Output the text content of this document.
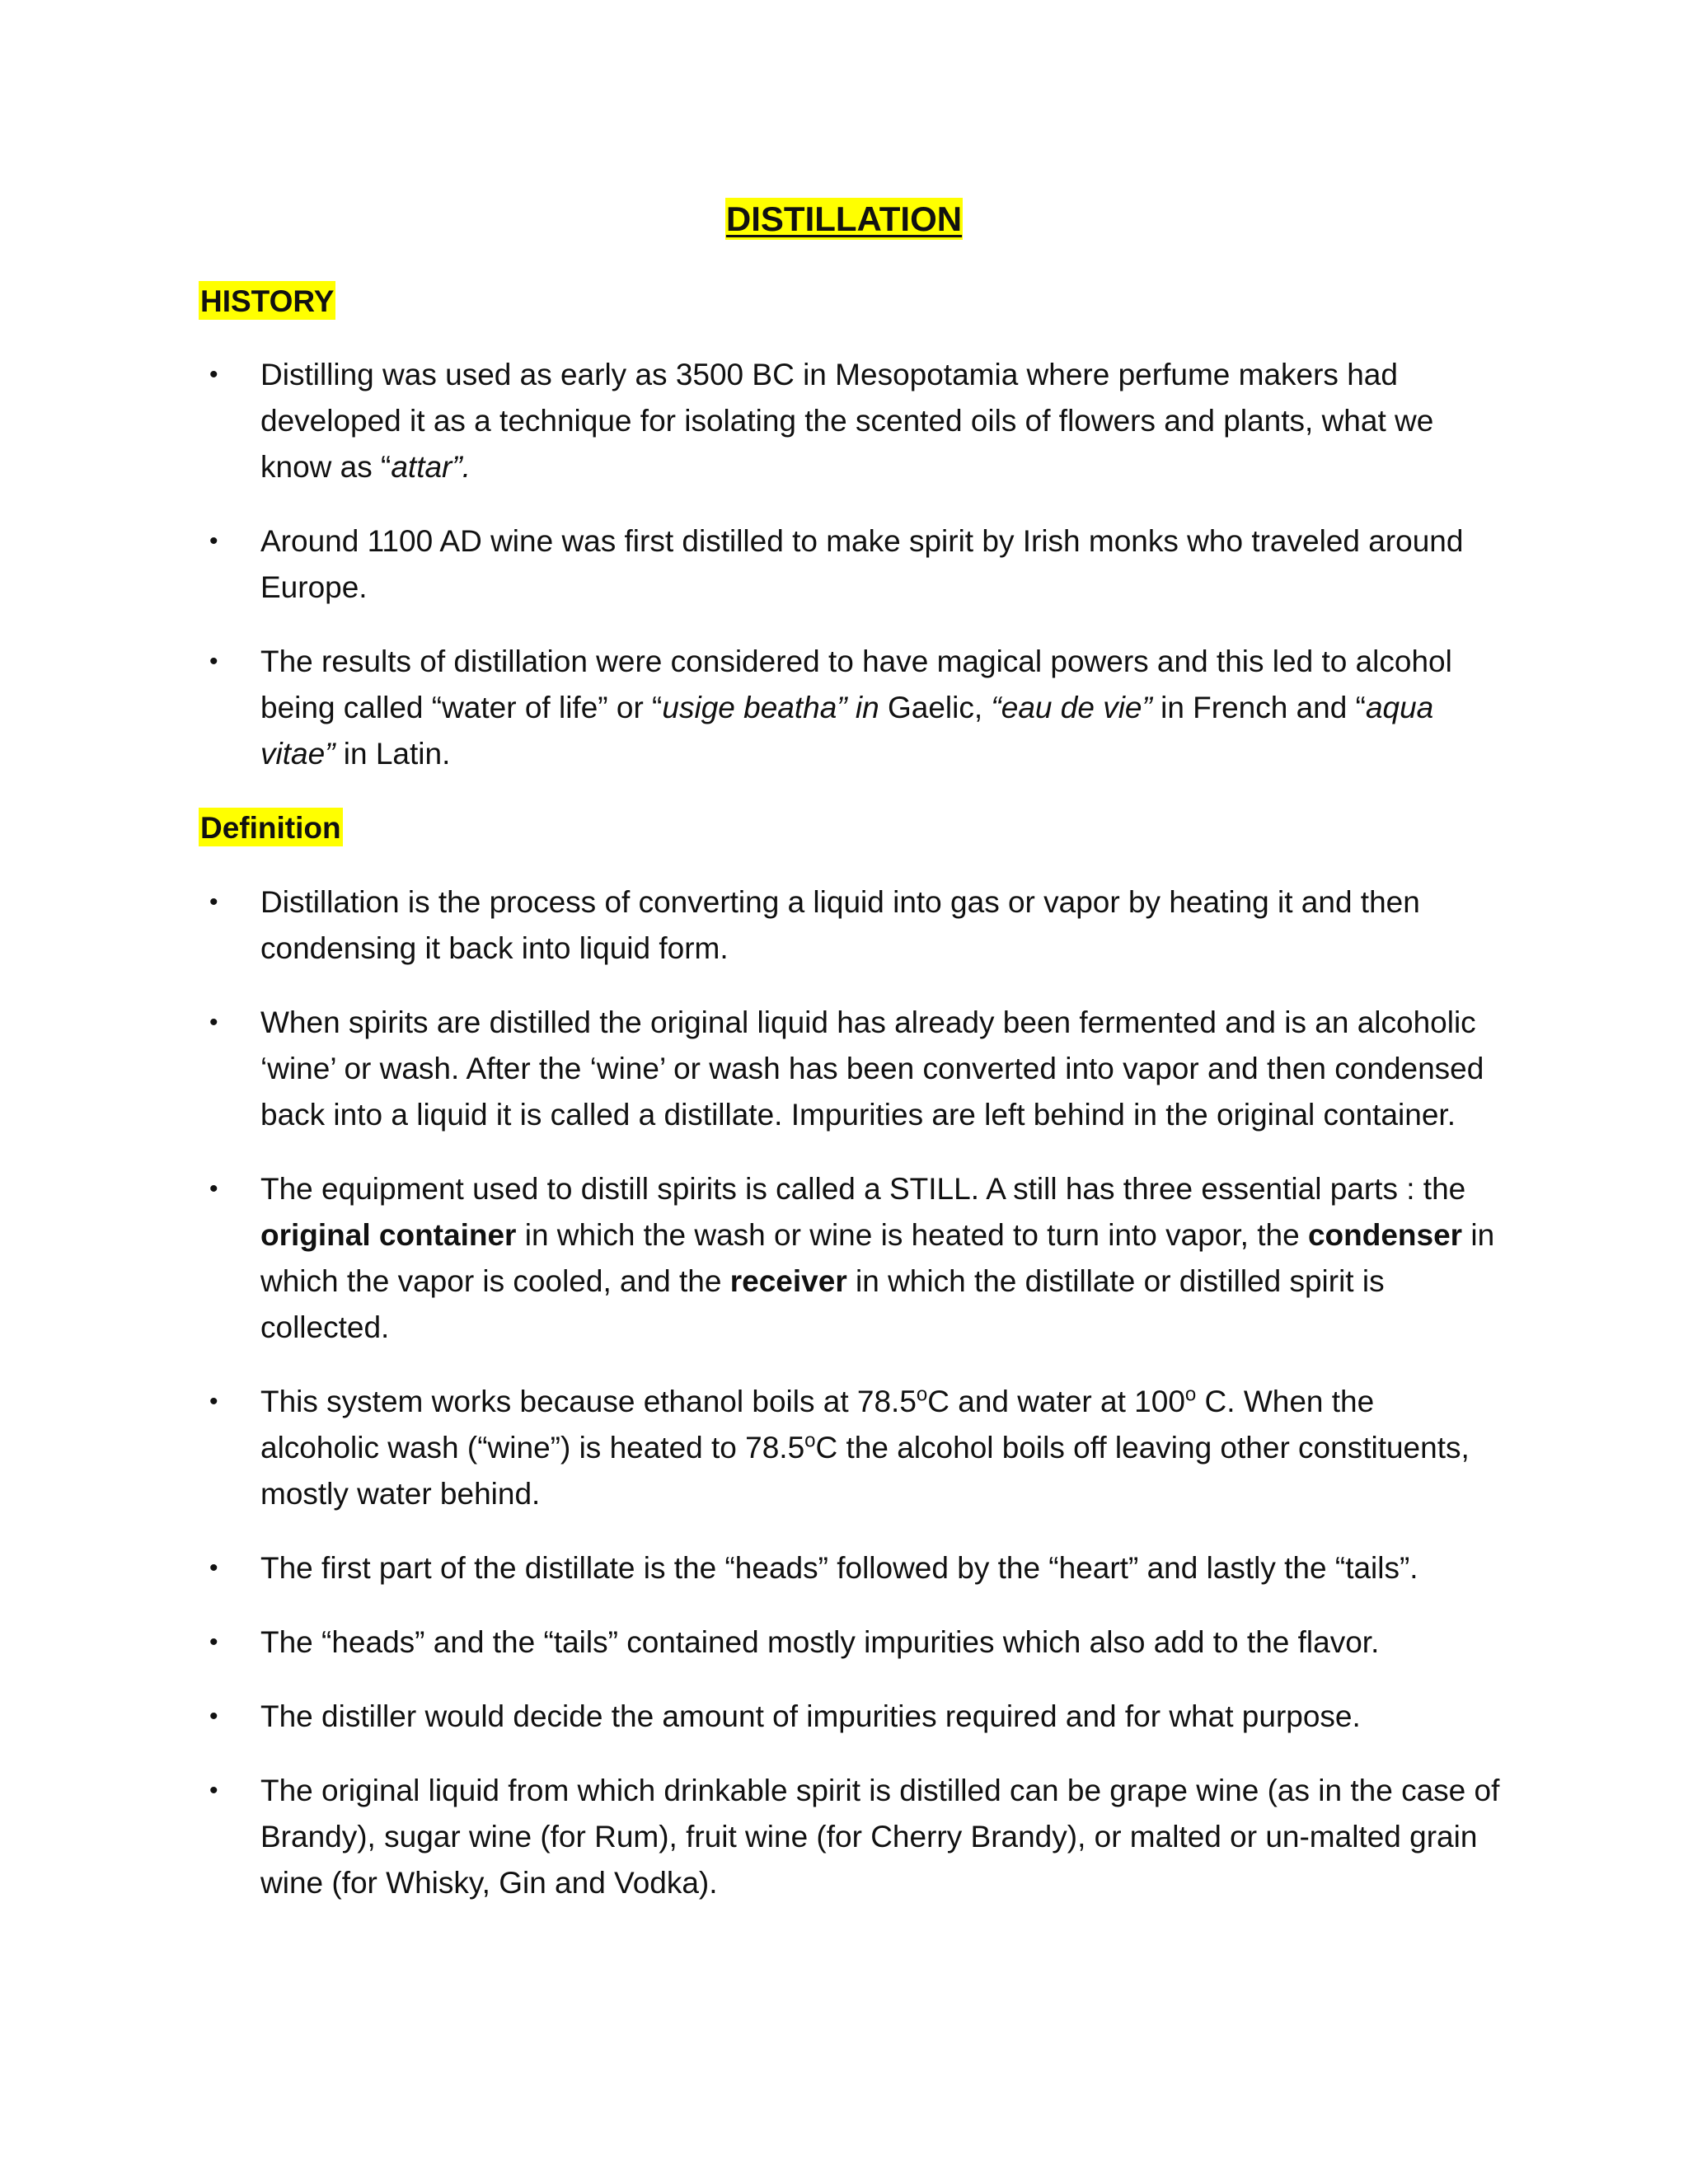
DISTILLATION
HISTORY
• Distilling was used as early as 3500 BC in Mesopotamia where perfume makers had developed it as a technique for isolating the scented oils of flowers and plants, what we know as “attar”.
• Around 1100 AD wine was first distilled to make spirit by Irish monks who traveled around Europe.
• The results of distillation were considered to have magical powers and this led to alcohol being called “water of life” or “usige beatha” in Gaelic, “eau de vie” in French and “aqua vitae” in Latin.
Definition
• Distillation is the process of converting a liquid into gas or vapor by heating it and then condensing it back into liquid form.
• When spirits are distilled the original liquid has already been fermented and is an alcoholic ‘wine’ or wash. After the ‘wine’ or wash has been converted into vapor and then condensed back into a liquid it is called a distillate. Impurities are left behind in the original container.
• The equipment used to distill spirits is called a STILL. A still has three essential parts : the original container in which the wash or wine is heated to turn into vapor, the condenser in which the vapor is cooled, and the receiver in which the distillate or distilled spirit is collected.
• This system works because ethanol boils at 78.5$^o$C and water at 100$^o$ C. When the alcoholic wash (“wine”) is heated to 78.5$^o$C the alcohol boils off leaving other constituents, mostly water behind.
• The first part of the distillate is the “heads” followed by the “heart” and lastly the “tails”.
• The “heads” and the “tails” contained mostly impurities which also add to the flavor.
• The distiller would decide the amount of impurities required and for what purpose.
• The original liquid from which drinkable spirit is distilled can be grape wine (as in the case of Brandy), sugar wine (for Rum), fruit wine (for Cherry Brandy), or malted or un-malted grain wine (for Whisky, Gin and Vodka).
